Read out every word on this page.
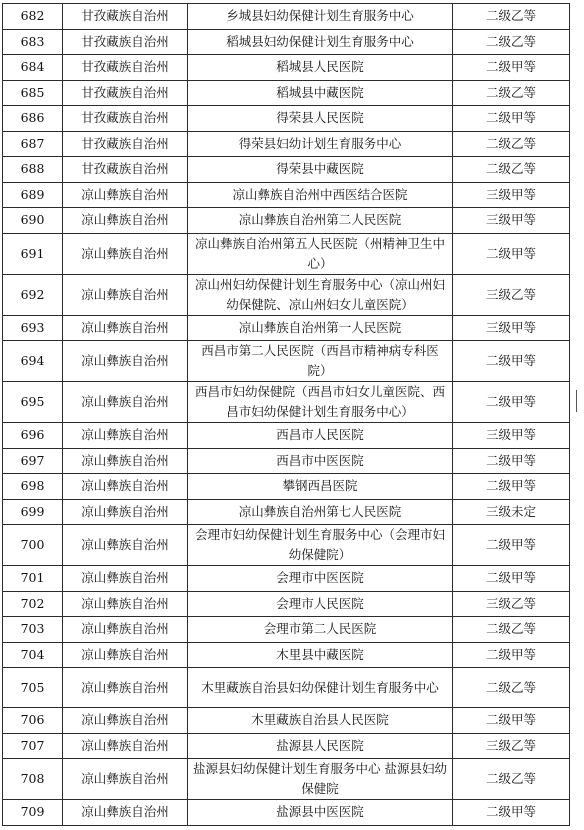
682	甘孜藏族自治州	乡城县妇幼保健计划生育服务中心	二级乙等
683	甘孜藏族自治州	稻城县妇幼保健计划生育服务中心	二级乙等
684	甘孜藏族自治州	稻城县人民医院	二级甲等
685	甘孜藏族自治州	稻城县中藏医院	二级乙等
686	甘孜藏族自治州	得荣县人民医院	二级甲等
687	甘孜藏族自治州	得荣县妇幼计划生育服务中心	二级乙等
688	甘孜藏族自治州	得荣县中藏医院	二级乙等
689	凉山彝族自治州	凉山彝族自治州中西医结合医院	三级甲等
690	凉山彝族自治州	凉山彝族自治州第二人民医院	三级甲等
691	凉山彝族自治州	凉山彝族自治州第五人民医院（州精神卫生中心）	二级甲等
692	凉山彝族自治州	凉山州妇幼保健计划生育服务中心（凉山州妇幼保健院、凉山州妇女儿童医院）	三级乙等
693	凉山彝族自治州	凉山彝族自治州第一人民医院	三级甲等
694	凉山彝族自治州	西昌市第二人民医院（西昌市精神病专科医院）	二级甲等
695	凉山彝族自治州	西昌市妇幼保健院（西昌市妇女儿童医院、西昌市妇幼保健计划生育服务中心）	二级甲等
696	凉山彝族自治州	西昌市人民医院	三级甲等
697	凉山彝族自治州	西昌市中医医院	二级甲等
698	凉山彝族自治州	攀钢西昌医院	二级甲等
699	凉山彝族自治州	凉山彝族自治州第七人民医院	三级未定
700	凉山彝族自治州	会理市妇幼保健计划生育服务中心（会理市妇幼保健院）	二级甲等
701	凉山彝族自治州	会理市中医医院	二级甲等
702	凉山彝族自治州	会理市人民医院	三级乙等
703	凉山彝族自治州	会理市第二人民医院	二级乙等
704	凉山彝族自治州	木里县中藏医院	二级甲等
705	凉山彝族自治州	木里藏族自治县妇幼保健计划生育服务中心	二级乙等
706	凉山彝族自治州	木里藏族自治县人民医院	二级甲等
707	凉山彝族自治州	盐源县人民医院	三级乙等
708	凉山彝族自治州	盐源县妇幼保健计划生育服务中心 盐源县妇幼保健院	二级乙等
709	凉山彝族自治州	盐源县中医医院	二级甲等
